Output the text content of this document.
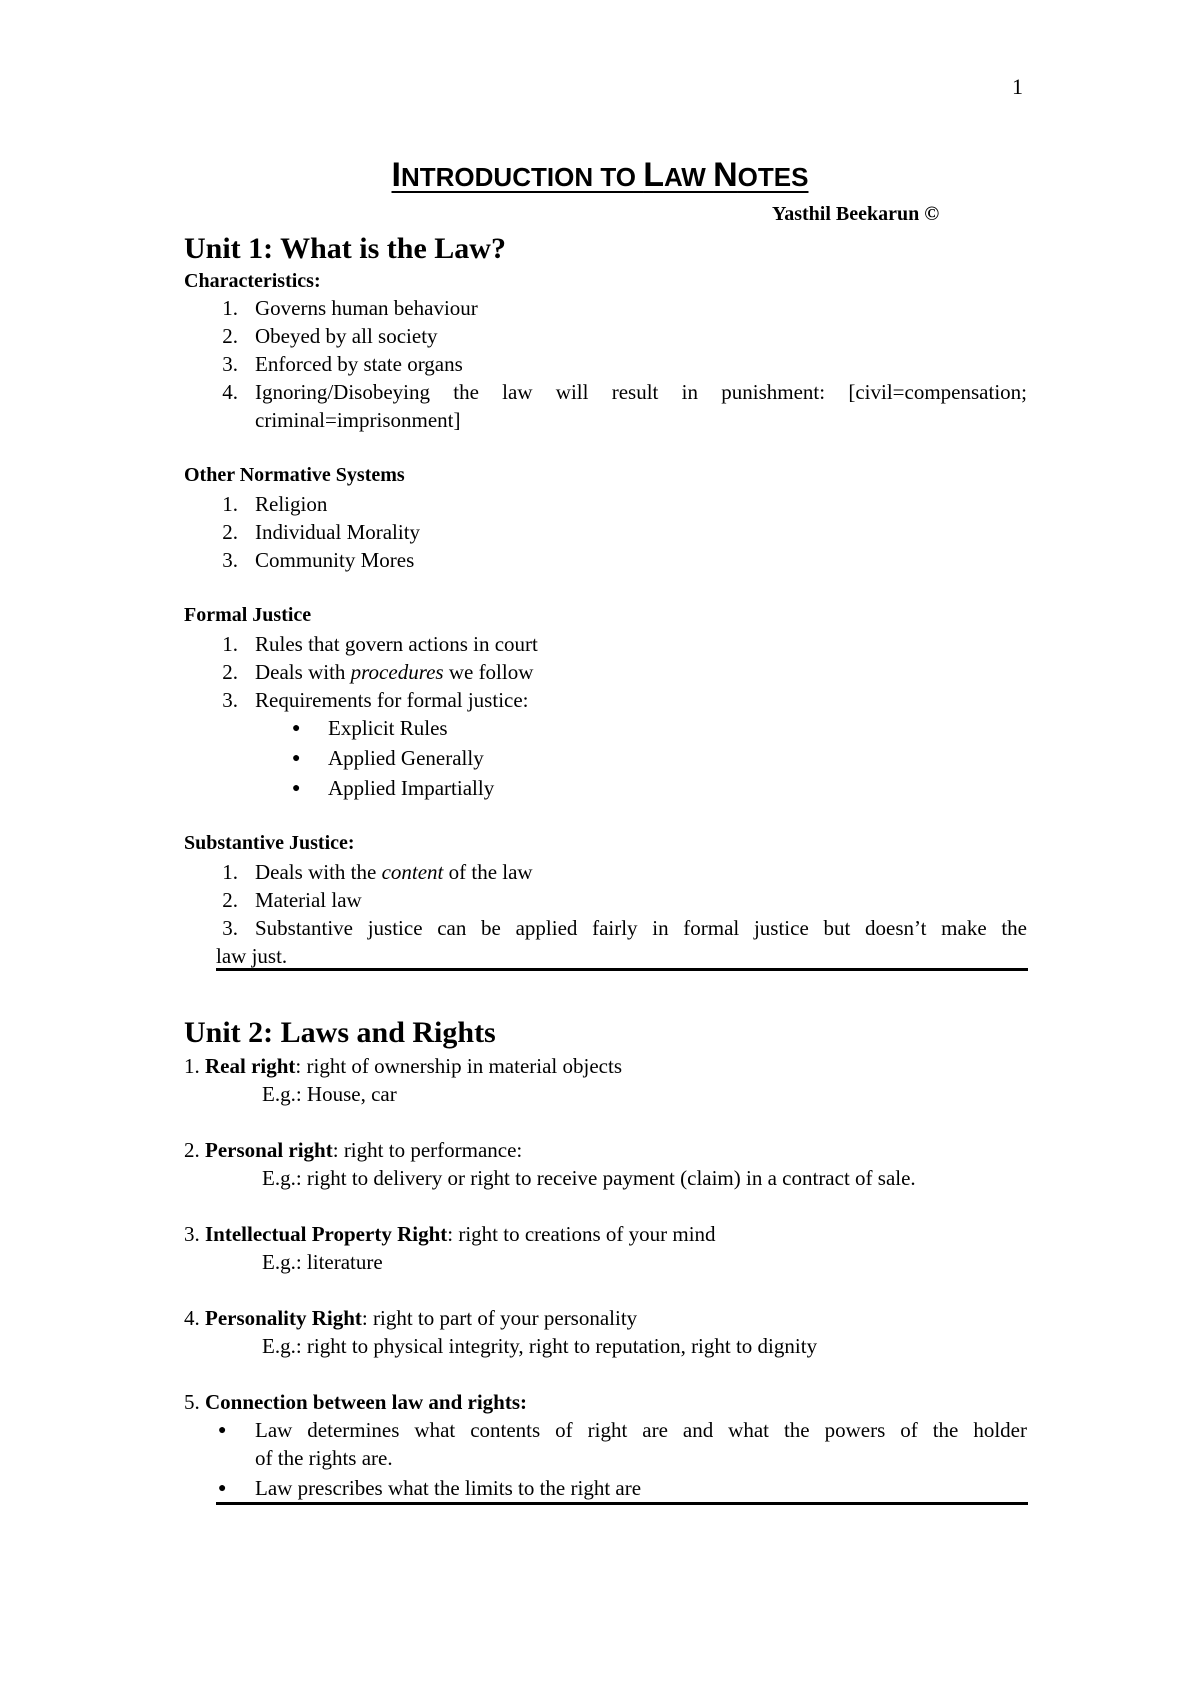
1
INTRODUCTION TO LAW NOTES
Yasthil Beekarun ©
Unit 1: What is the Law?
Characteristics:
1. Governs human behaviour
2. Obeyed by all society
3. Enforced by state organs
4. Ignoring/Disobeying the law will result in punishment: [civil=compensation;
criminal=imprisonment]
Other Normative Systems
1. Religion
2. Individual Morality
3. Community Mores
Formal Justice
1. Rules that govern actions in court
2. Deals with procedures we follow
3. Requirements for formal justice:
● Explicit Rules
● Applied Generally
● Applied Impartially
Substantive Justice:
1. Deals with the content of the law
2. Material law
3. Substantive justice can be applied fairly in formal justice but doesn’t make the
law just.
Unit 2: Laws and Rights
1. Real right: right of ownership in material objects
E.g.: House, car
2. Personal right: right to performance:
E.g.: right to delivery or right to receive payment (claim) in a contract of sale.
3. Intellectual Property Right: right to creations of your mind
E.g.: literature
4. Personality Right: right to part of your personality
E.g.: right to physical integrity, right to reputation, right to dignity
5. Connection between law and rights:
● Law determines what contents of right are and what the powers of the holder
of the rights are.
● Law prescribes what the limits to the right are
